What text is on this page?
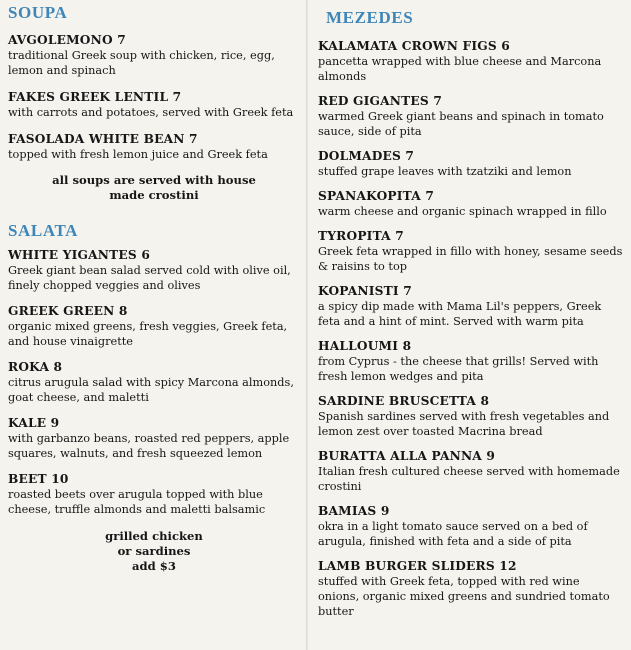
SOUPA
AVGOLEMONO 7
traditional Greek soup with chicken, rice, egg, lemon and spinach
FAKES GREEK LENTIL 7
with carrots and potatoes, served with Greek feta
FASOLADA WHITE BEAN 7
topped with fresh lemon juice and Greek feta
all soups are served with house made crostini
SALATA
WHITE YIGANTES 6
Greek giant bean salad served cold with olive oil, finely chopped veggies and olives
GREEK GREEN 8
organic mixed greens, fresh veggies, Greek feta, and house vinaigrette
ROKA 8
citrus arugula salad with spicy Marcona almonds, goat cheese, and maletti
KALE 9
with garbanzo beans, roasted red peppers, apple squares, walnuts, and fresh squeezed lemon
BEET 10
roasted beets over arugula topped with blue cheese, truffle almonds and maletti balsamic
grilled chicken
or sardines
add $3
MEZEDES
KALAMATA CROWN FIGS 6
pancetta wrapped with blue cheese and Marcona almonds
RED GIGANTES 7
warmed Greek giant beans and spinach in tomato sauce, side of pita
DOLMADES 7
stuffed grape leaves with tzatziki and lemon
SPANAKOPITA 7
warm cheese and organic spinach wrapped in fillo
TYROPITA 7
Greek feta wrapped in fillo with honey, sesame seeds & raisins to top
KOPANISTI 7
a spicy dip made with Mama Lil's peppers, Greek feta and a hint of mint. Served with warm pita
HALLOUMI 8
from Cyprus - the cheese that grills! Served with fresh lemon wedges and pita
SARDINE BRUSCETTA 8
Spanish sardines served with fresh vegetables and lemon zest over toasted Macrina bread
BURATTA ALLA PANNA 9
Italian fresh cultured cheese served with homemade crostini
BAMIAS 9
okra in a light tomato sauce served on a bed of arugula, finished with feta and a side of pita
LAMB BURGER SLIDERS 12
stuffed with Greek feta, topped with red wine onions, organic mixed greens and sundried tomato butter
